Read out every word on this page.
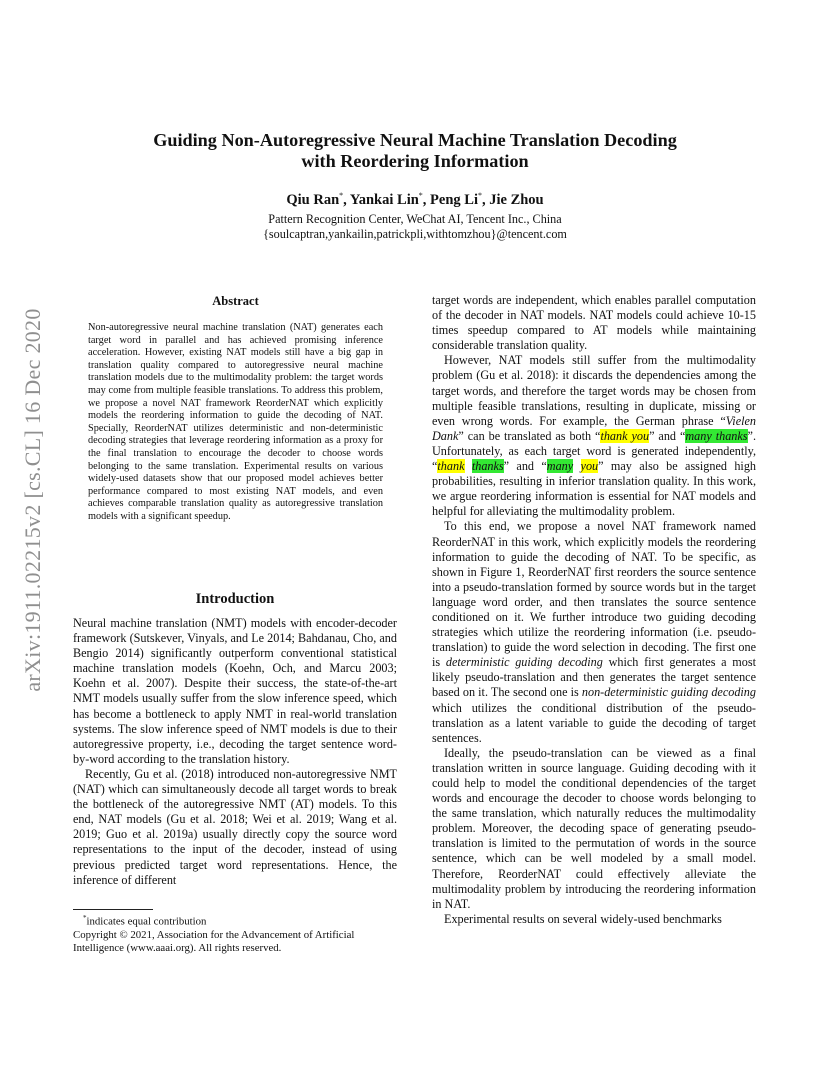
arXiv:1911.02215v2 [cs.CL] 16 Dec 2020
Guiding Non-Autoregressive Neural Machine Translation Decoding
with Reordering Information
Qiu Ran*, Yankai Lin*, Peng Li*, Jie Zhou
Pattern Recognition Center, WeChat AI, Tencent Inc., China
{soulcaptran,yankailin,patrickpli,withtomzhou}@tencent.com
Abstract
Non-autoregressive neural machine translation (NAT) generates each target word in parallel and has achieved promising inference acceleration. However, existing NAT models still have a big gap in translation quality compared to autoregressive neural machine translation models due to the multimodality problem: the target words may come from multiple feasible translations. To address this problem, we propose a novel NAT framework ReorderNAT which explicitly models the reordering information to guide the decoding of NAT. Specially, ReorderNAT utilizes deterministic and non-deterministic decoding strategies that leverage reordering information as a proxy for the final translation to encourage the decoder to choose words belonging to the same translation. Experimental results on various widely-used datasets show that our proposed model achieves better performance compared to most existing NAT models, and even achieves comparable translation quality as autoregressive translation models with a significant speedup.
Introduction

Neural machine translation (NMT) models with encoder-decoder framework (Sutskever, Vinyals, and Le 2014; Bahdanau, Cho, and Bengio 2014) significantly outperform conventional statistical machine translation models (Koehn, Och, and Marcu 2003; Koehn et al. 2007). Despite their success, the state-of-the-art NMT models usually suffer from the slow inference speed, which has become a bottleneck to apply NMT in real-world translation systems. The slow inference speed of NMT models is due to their autoregressive property, i.e., decoding the target sentence word-by-word according to the translation history.

Recently, Gu et al. (2018) introduced non-autoregressive NMT (NAT) which can simultaneously decode all target words to break the bottleneck of the autoregressive NMT (AT) models. To this end, NAT models (Gu et al. 2018; Wei et al. 2019; Wang et al. 2019; Guo et al. 2019a) usually directly copy the source word representations to the input of the decoder, instead of using previous predicted target word representations. Hence, the inference of different

*indicates equal contribution
Copyright © 2021, Association for the Advancement of Artificial Intelligence (www.aaai.org). All rights reserved.

target words are independent, which enables parallel computation of the decoder in NAT models. NAT models could achieve 10-15 times speedup compared to AT models while maintaining considerable translation quality.

However, NAT models still suffer from the multimodality problem (Gu et al. 2018): it discards the dependencies among the target words, and therefore the target words may be chosen from multiple feasible translations, resulting in duplicate, missing or even wrong words. For example, the German phrase “Vielen Dank” can be translated as both “thank you” and “many thanks”. Unfortunately, as each target word is generated independently, “thank thanks” and “many you” may also be assigned high probabilities, resulting in inferior translation quality. In this work, we argue reordering information is essential for NAT models and helpful for alleviating the multimodality problem.

To this end, we propose a novel NAT framework named ReorderNAT in this work, which explicitly models the reordering information to guide the decoding of NAT. To be specific, as shown in Figure 1, ReorderNAT first reorders the source sentence into a pseudo-translation formed by source words but in the target language word order, and then translates the source sentence conditioned on it. We further introduce two guiding decoding strategies which utilize the reordering information (i.e. pseudo-translation) to guide the word selection in decoding. The first one is deterministic guiding decoding which first generates a most likely pseudo-translation and then generates the target sentence based on it. The second one is non-deterministic guiding decoding which utilizes the conditional distribution of the pseudo-translation as a latent variable to guide the decoding of target sentences.

Ideally, the pseudo-translation can be viewed as a final translation written in source language. Guiding decoding with it could help to model the conditional dependencies of the target words and encourage the decoder to choose words belonging to the same translation, which naturally reduces the multimodality problem. Moreover, the decoding space of generating pseudo-translation is limited to the permutation of words in the source sentence, which can be well modeled by a small model. Therefore, ReorderNAT could effectively alleviate the multimodality problem by introducing the reordering information in NAT.

Experimental results on several widely-used benchmarks
